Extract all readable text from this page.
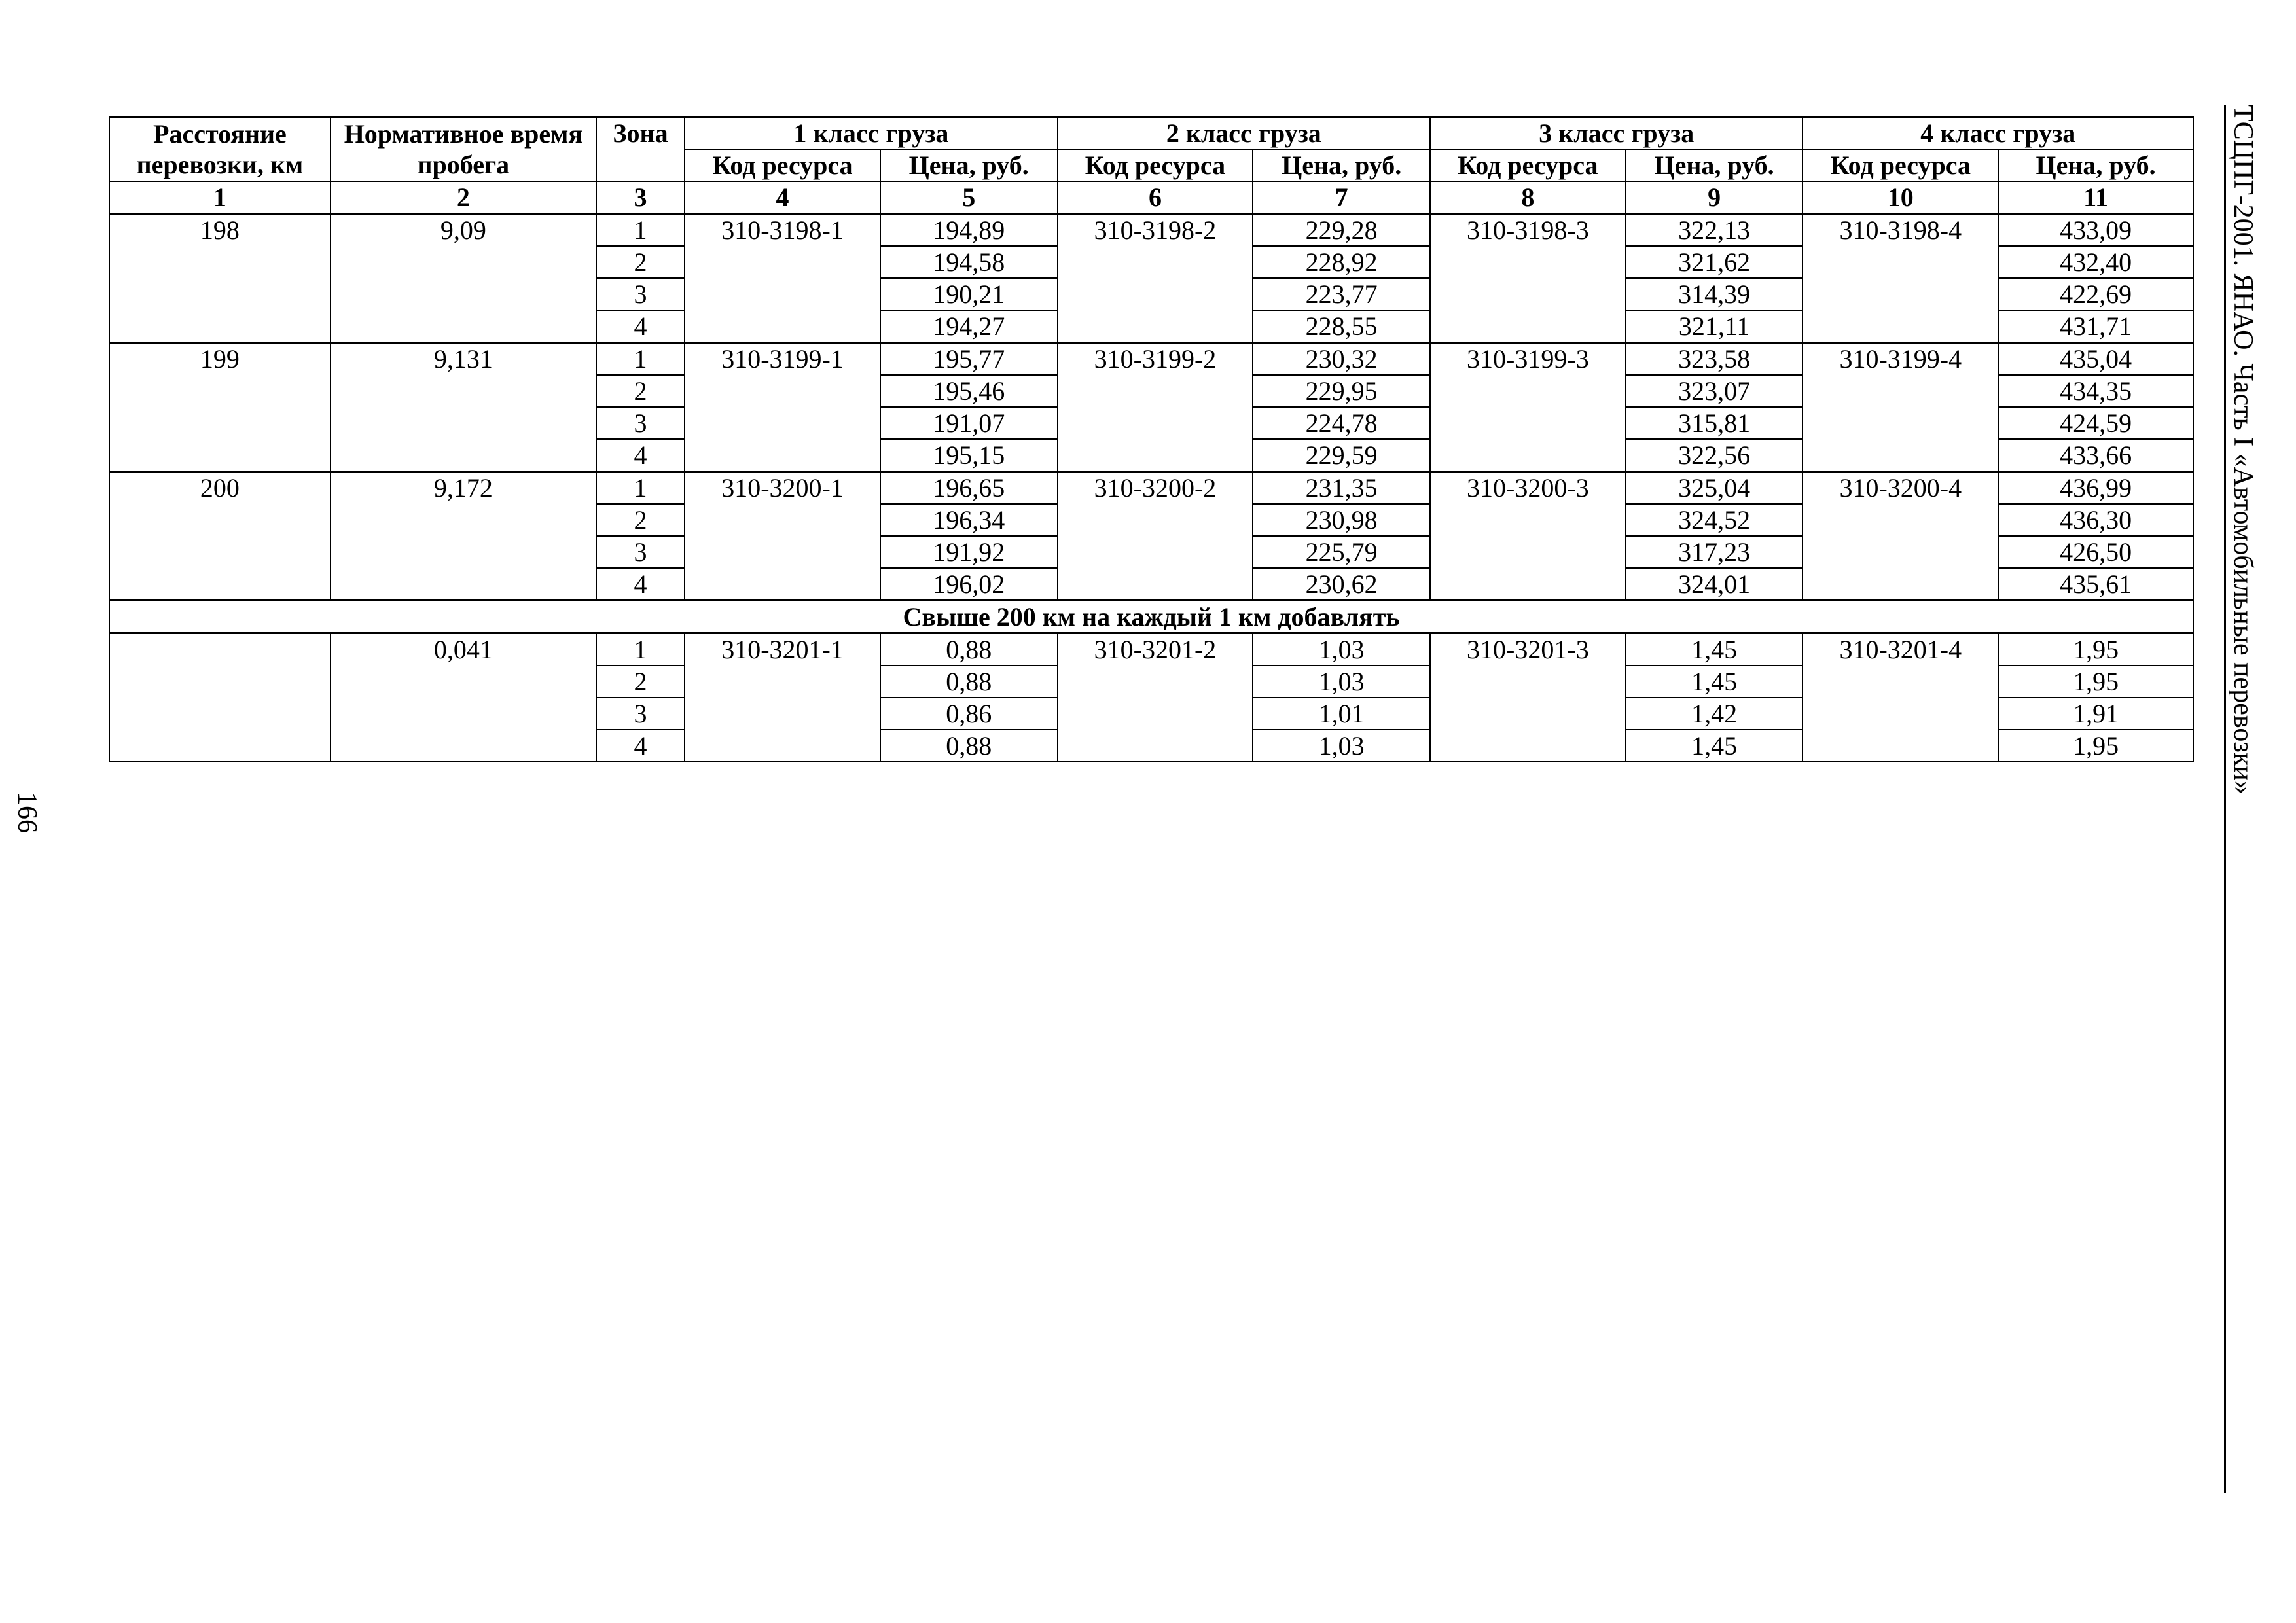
Расстояние перевозки, км	Нормативное время пробега	Зона	1 класс груза		2 класс груза		3 класс груза		4 класс груза	
			Код ресурса	Цена, руб.	Код ресурса	Цена, руб.	Код ресурса	Цена, руб.	Код ресурса	Цена, руб.
1	2	3	4	5	6	7	8	9	10	11
198	9,09	1	310-3198-1	194,89	310-3198-2	229,28	310-3198-3	322,13	310-3198-4	433,09
		2		194,58		228,92		321,62		432,40
		3		190,21		223,77		314,39		422,69
		4		194,27		228,55		321,11		431,71
199	9,131	1	310-3199-1	195,77	310-3199-2	230,32	310-3199-3	323,58	310-3199-4	435,04
		2		195,46		229,95		323,07		434,35
		3		191,07		224,78		315,81		424,59
		4		195,15		229,59		322,56		433,66
200	9,172	1	310-3200-1	196,65	310-3200-2	231,35	310-3200-3	325,04	310-3200-4	436,99
		2		196,34		230,98		324,52		436,30
		3		191,92		225,79		317,23		426,50
		4		196,02		230,62		324,01		435,61
Свыше 200 км на каждый 1 км добавлять										
	0,041	1	310-3201-1	0,88	310-3201-2	1,03	310-3201-3	1,45	310-3201-4	1,95
		2		0,88		1,03		1,45		1,95
		3		0,86		1,01		1,42		1,91
		4		0,88		1,03		1,45		1,95	ТСЦПГ-2001. ЯНАО. Часть I «Автомобильные перевозки»
166
